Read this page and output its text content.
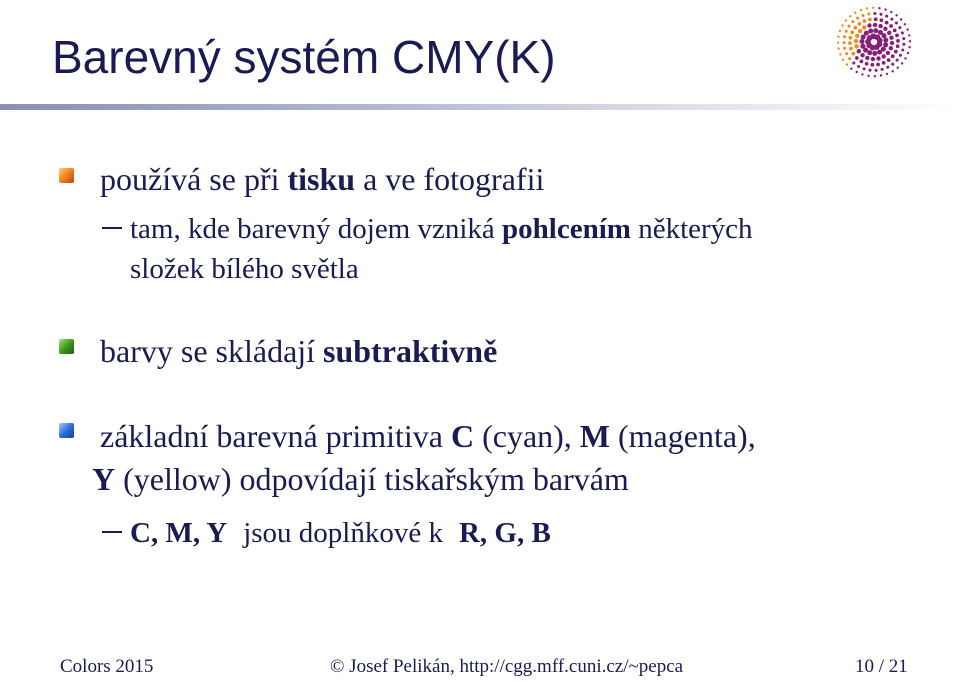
Barevný systém CMY(K)
používá se při tisku a ve fotografii
tam, kde barevný dojem vzniká pohlcením některých
složek bílého světla
barvy se skládají subtraktivně
základní barevná primitiva C (cyan), M (magenta),
Y (yellow) odpovídají tiskařským barvám
C, M, Y jsou doplňkové k R, G, B
Colors 2015	© Josef Pelikán, http://cgg.mff.cuni.cz/~pepca	10 / 21
